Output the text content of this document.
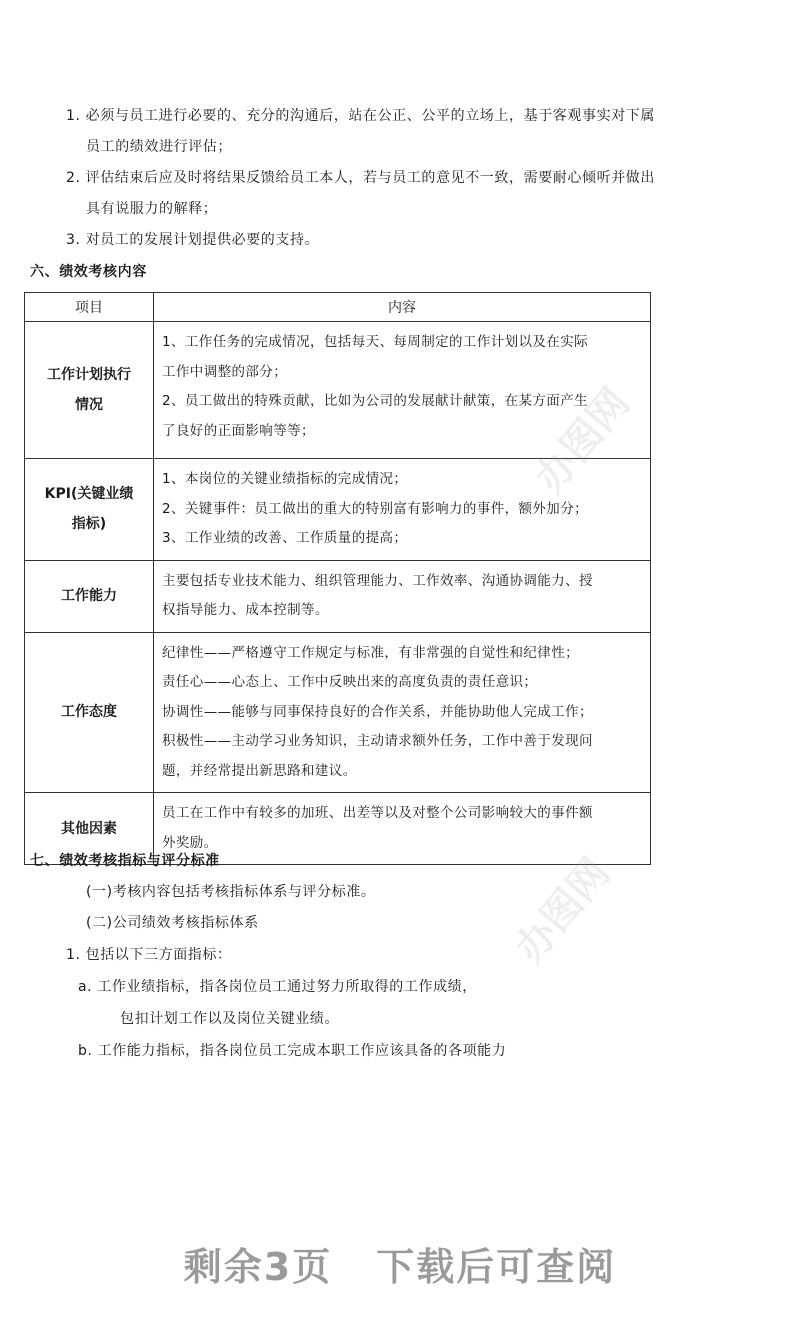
1. 必须与员工进行必要的、充分的沟通后，站在公正、公平的立场上，基于客观事实对下属
员工的绩效进行评估；
2. 评估结束后应及时将结果反馈给员工本人，若与员工的意见不一致，需要耐心倾听并做出
具有说服力的解释；
3. 对员工的发展计划提供必要的支持。
六、绩效考核内容
项目	内容

工作计划执行
情况	1、工作任务的完成情况，包括每天、每周制定的工作计划以及在实际
工作中调整的部分；
2、员工做出的特殊贡献，比如为公司的发展献计献策，在某方面产生
了良好的正面影响等等；

KPI(关键业绩
指标)	1、本岗位的关键业绩指标的完成情况；
2、关键事件：员工做出的重大的特别富有影响力的事件，额外加分；
3、工作业绩的改善、工作质量的提高；

工作能力	主要包括专业技术能力、组织管理能力、工作效率、沟通协调能力、授
权指导能力、成本控制等。

工作态度	纪律性——严格遵守工作规定与标准，有非常强的自觉性和纪律性；
责任心——心态上、工作中反映出来的高度负责的责任意识；
协调性——能够与同事保持良好的合作关系，并能协助他人完成工作；
积极性——主动学习业务知识，主动请求额外任务，工作中善于发现问
题，并经常提出新思路和建议。

其他因素	员工在工作中有较多的加班、出差等以及对整个公司影响较大的事件额
外奖励。
七、绩效考核指标与评分标准
(一)考核内容包括考核指标体系与评分标准。
(二)公司绩效考核指标体系
1. 包括以下三方面指标：
a. 工作业绩指标，指各岗位员工通过努力所取得的工作成绩，
包扣计划工作以及岗位关键业绩。
b. 工作能力指标，指各岗位员工完成本职工作应该具备的各项能力
办图网
办图网
剩余3页 下载后可查阅
